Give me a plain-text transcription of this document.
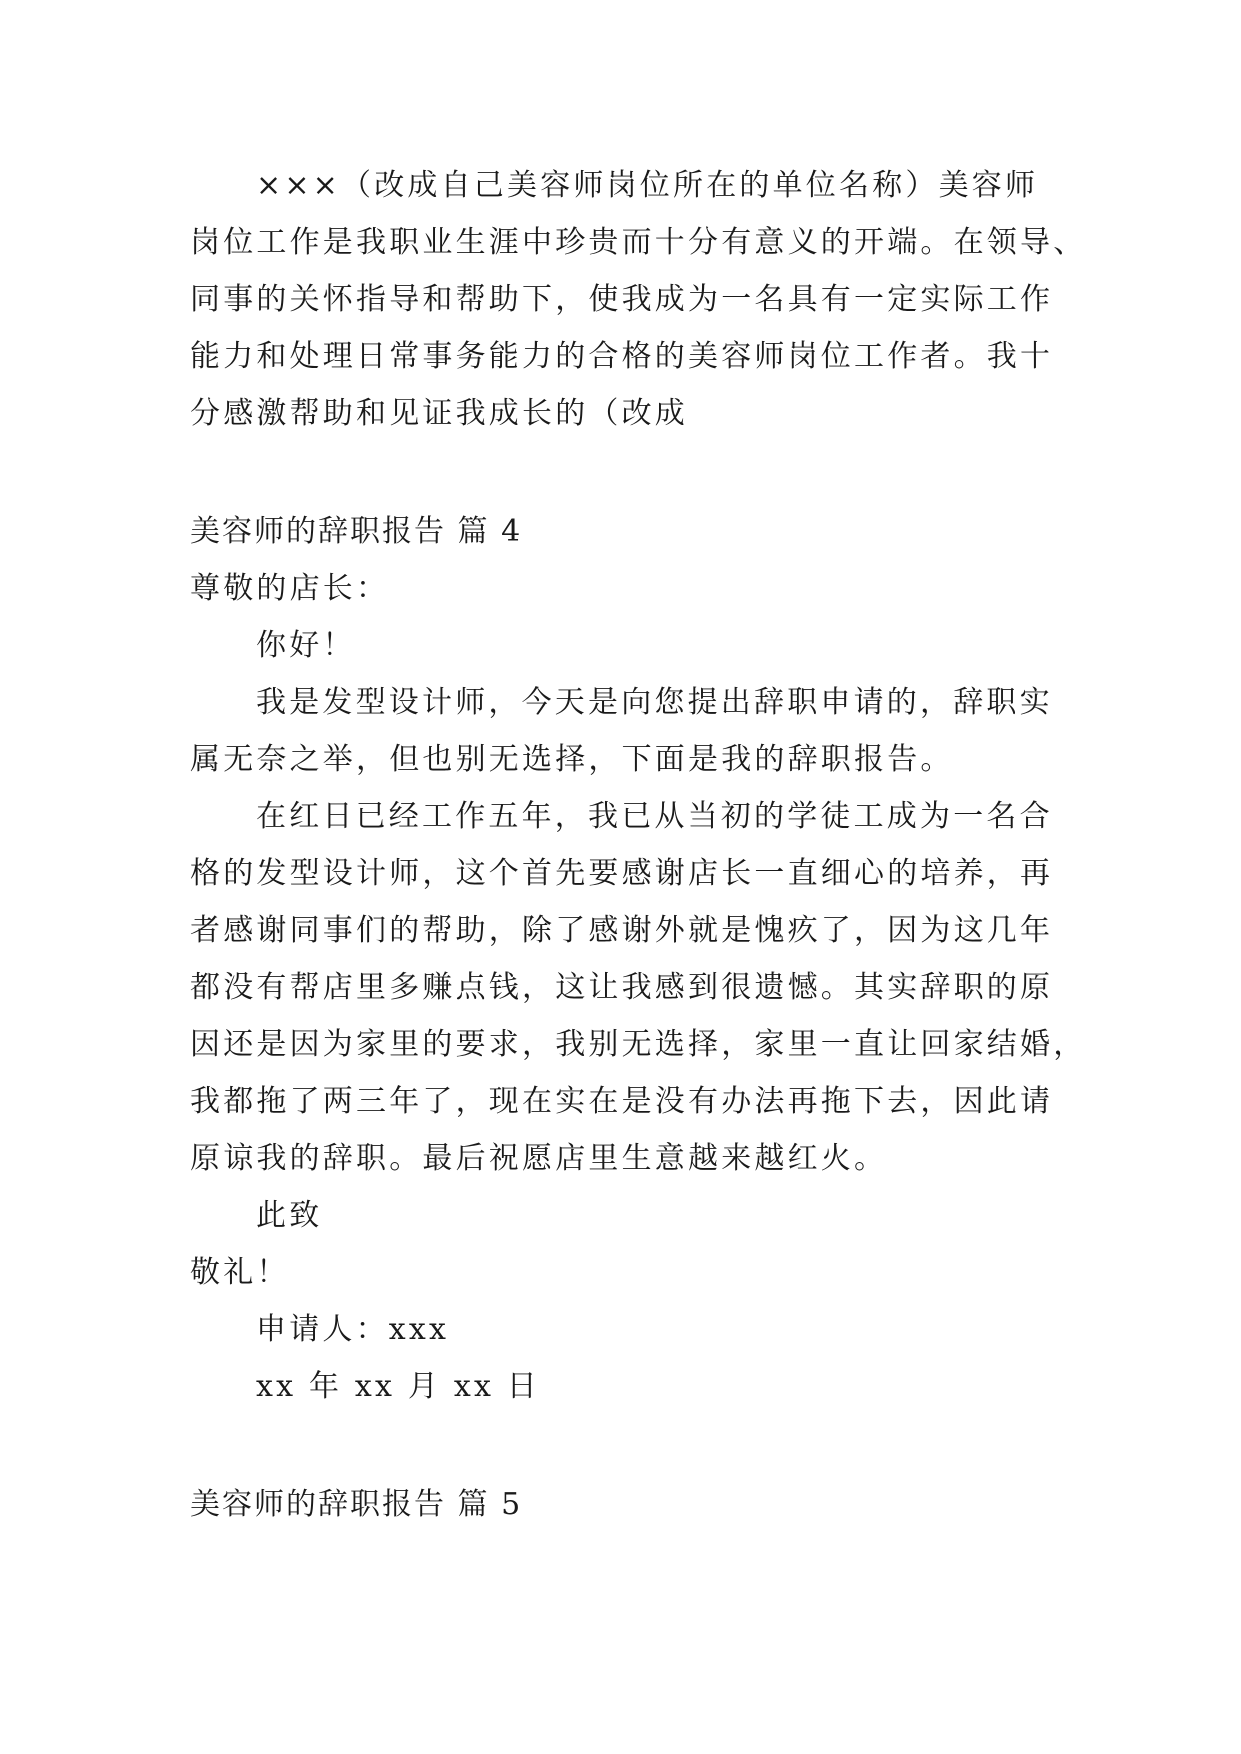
×××（改成自己美容师岗位所在的单位名称）美容师
岗位工作是我职业生涯中珍贵而十分有意义的开端。在领导、
同事的关怀指导和帮助下，使我成为一名具有一定实际工作
能力和处理日常事务能力的合格的美容师岗位工作者。我十
分感激帮助和见证我成长的（改成
美容师的辞职报告 篇 4
尊敬的店长：
你好！
我是发型设计师，今天是向您提出辞职申请的，辞职实
属无奈之举，但也别无选择，下面是我的辞职报告。
在红日已经工作五年，我已从当初的学徒工成为一名合
格的发型设计师，这个首先要感谢店长一直细心的培养，再
者感谢同事们的帮助，除了感谢外就是愧疚了，因为这几年
都没有帮店里多赚点钱，这让我感到很遗憾。其实辞职的原
因还是因为家里的要求，我别无选择，家里一直让回家结婚，
我都拖了两三年了，现在实在是没有办法再拖下去，因此请
原谅我的辞职。最后祝愿店里生意越来越红火。
此致
敬礼！
申请人：xxx
xx 年 xx 月 xx 日
美容师的辞职报告 篇 5
